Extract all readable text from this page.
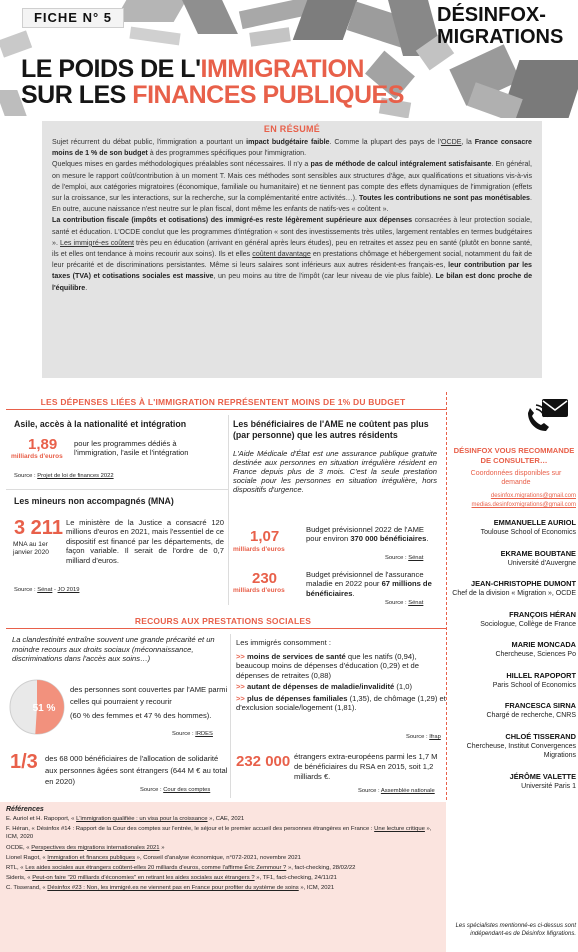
FICHE N° 5	DÉSINFOX-
MIGRATIONS
LE POIDS DE L'IMMIGRATION
SUR LES FINANCES PUBLIQUES
EN RÉSUMÉ

Sujet récurrent du débat public, l'immigration a pourtant un impact budgétaire faible. Comme la plupart des pays de l'OCDE, la France consacre moins de 1 % de son budget à des programmes spécifiques pour l'immigration.

Quelques mises en gardes méthodologiques préalables sont nécessaires. Il n'y a pas de méthode de calcul intégralement satisfaisante. En général, on mesure le rapport coût/contribution à un moment T. Mais ces méthodes sont sensibles aux structures d'âge, aux qualifications et situations vis-à-vis de l'emploi, aux catégories migratoires (économique, familiale ou humanitaire) et ne tiennent pas compte des effets dynamiques de l'immigration (effets sur la croissance, sur les interactions, sur la recherche, sur la complémentarité entre activités…). Toutes les contributions ne sont pas monétisables. En outre, aucune naissance n'est neutre sur le plan fiscal, dont même les enfants de natifs-ves « coûtent ».

La contribution fiscale (impôts et cotisations) des immigré-es reste légèrement supérieure aux dépenses consacrées à leur protection sociale, santé et éducation. L'OCDE conclut que les programmes d'intégration « sont des investissements très utiles, largement rentables en termes budgétaires ». Les immigré-es coûtent très peu en éducation (arrivant en général après leurs études), peu en retraites et assez peu en santé (plutôt en bonne santé, ils et elles ont tendance à moins recourir aux soins). Ils et elles coûtent davantage en prestations chômage et hébergement social, notamment du fait de leur précarité et de discriminations persistantes. Même si leurs salaires sont inférieurs aux autres résident-es français-es, leur contribution par les taxes (TVA) et cotisations sociales est massive, un peu moins au titre de l'impôt (car leur niveau de vie plus faible). Le bilan est donc proche de l'équilibre.

LES DÉPENSES LIÉES À L'IMMIGRATION REPRÉSENTENT MOINS DE 1% DU BUDGET
Asile, accès à la nationalité et intégration
1,89
milliards d'euros
pour les programmes dédiés à l'immigration, l'asile et l'intégration
Source : Projet de loi de finances 2022
Les mineurs non accompagnés (MNA)
3 211
MNA au 1er janvier 2020
Le ministère de la Justice a consacré 120 millions d'euros en 2021, mais l'essentiel de ce dispositif est financé par les départements, de façon variable. Il serait de l'ordre de 0,7 milliard d'euros.
Source : Sénat - JO 2019
Les bénéficiaires de l'AME ne coûtent pas plus (par personne) que les autres résidents
L'Aide Médicale d'État est une assurance publique gratuite destinée aux personnes en situation irrégulière résident en France depuis plus de 3 mois. C'est la seule prestation sociale pour les personnes en situation irrégulière, hors dispositifs d'urgence.
1,07
milliards d'euros
Budget prévisionnel 2022 de l'AME pour environ 370 000 bénéficiaires.
Source : Sénat
230
milliards d'euros
Budget prévisionnel de l'assurance maladie en 2022 pour 67 millions de bénéficiaires.
Source : Sénat
RECOURS AUX PRESTATIONS SOCIALES
La clandestinité entraîne souvent une grande précarité et un moindre recours aux droits sociaux (méconnaissance, discriminations dans l'accès aux soins…)
51 %
des personnes sont couvertes par l'AME parmi celles qui pourraient y recourir
(60 % des femmes et 47 % des hommes).
Source : IRDES
1/3 des 68 000 bénéficiaires de l'allocation de solidarité aux personnes âgées sont étrangers (644 M € au total en 2020)
Source : Cour des comptes
Les immigrés consomment :
>> moins de services de santé que les natifs (0,94), beaucoup moins de dépenses d'éducation (0,29) et de dépenses de retraites (0,88)
>> autant de dépenses de maladie/invalidité (1,0)
>> plus de dépenses familiales (1,35), de chômage (1,29) et d'exclusion sociale/logement (1,81).
Source : Ifrap
232 000 étrangers extra-européens parmi les 1,7 M de bénéficiaires du RSA en 2015, soit 1,2 milliards €.
Source : Assemblée nationale
DÉSINFOX VOUS RECOMMANDE DE CONSULTER…
Coordonnées disponibles sur demande
desinfox.migrations@gmail.com
medias.desinfoxmigrations@gmail.com
EMMANUELLE AURIOL
Toulouse School of Economics
EKRAME BOUBTANE
Université d'Auvergne
JEAN-CHRISTOPHE DUMONT
Chef de la division « Migration », OCDE
FRANÇOIS HÉRAN
Sociologue, Collège de France
MARIE MONCADA
Chercheuse, Sciences Po
HILLEL RAPOPORT
Paris School of Economics
FRANCESCA SIRNA
Chargé de recherche, CNRS
CHLOÉ TISSERAND
Chercheuse, Institut Convergences Migrations
JÉRÔME VALETTE
Université Paris 1
Les spécialistes mentionné-es ci-dessus sont indépendant-es de Désinfox Migrations.
Références
E. Auriol et H. Rapoport, « L'immigration qualifiée : un visa pour la croissance », CAE, 2021
F. Héran, « Désinfox #14 : Rapport de la Cour des comptes sur l'entrée, le séjour et le premier accueil des personnes étrangères en France : Une lecture critique », ICM, 2020
OCDE, « Perspectives des migrations internationales 2021 »
Lionel Ragot, « Immigration et finances publiques », Conseil d'analyse économique, n°072-2021, novembre 2021
RTL, « Les aides sociales aux étrangers coûtent-elles 20 milliards d'euros, comme l'affirme Éric Zemmour ? », fact-checking, 28/02/22
Sideris, « Peut-on faire "20 milliards d'économies" en retirant les aides sociales aux étrangers ? », TF1, fact-checking, 24/11/21
C. Tisserand, « Désinfox #23 : Non, les immigré.es ne viennent pas en France pour profiter du système de soins », ICM, 2021
